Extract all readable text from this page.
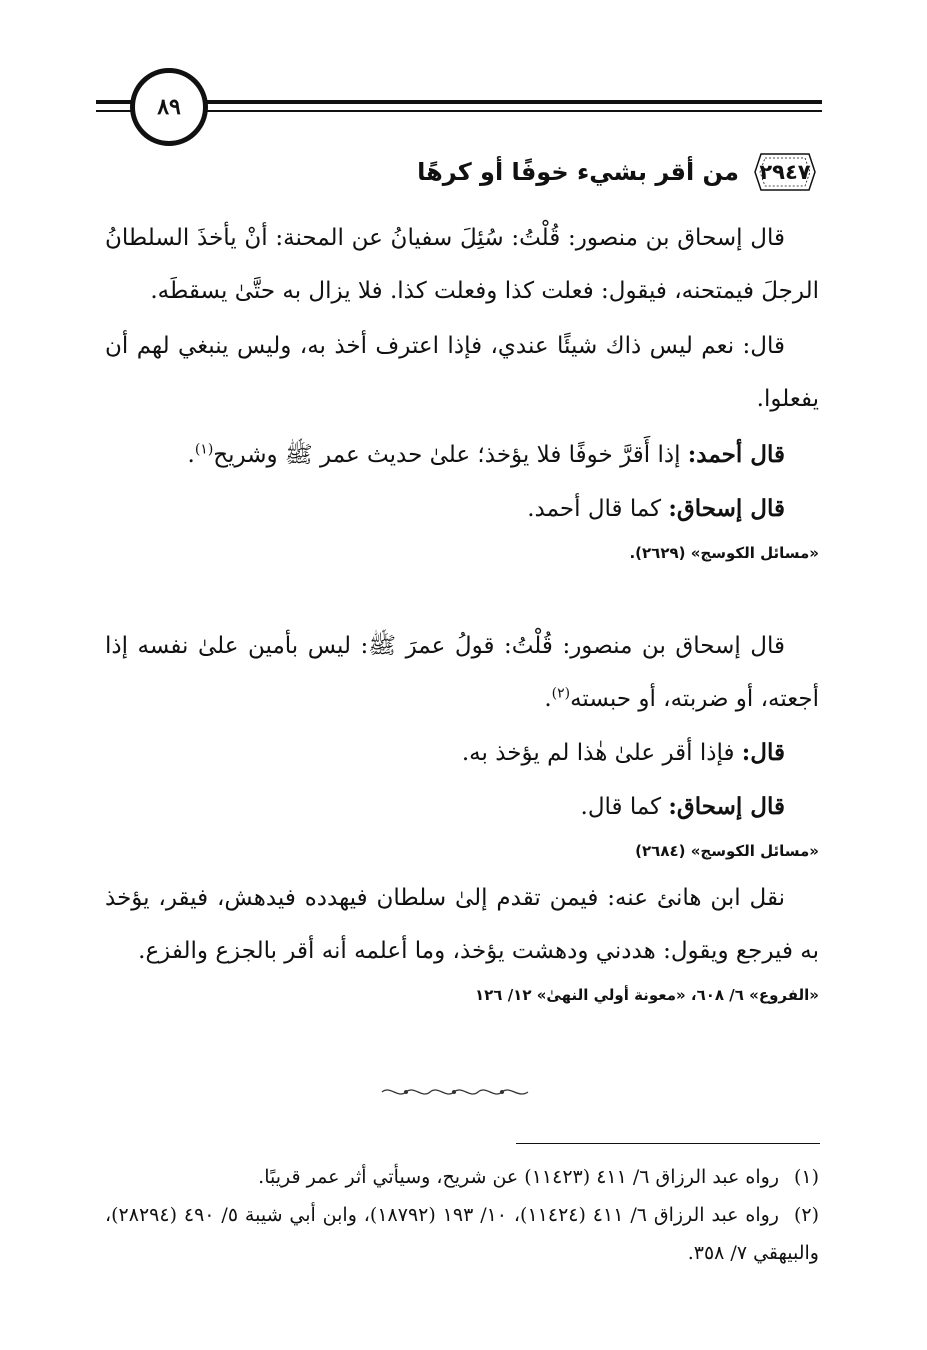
٨٩
٢٩٤٧
من أقر بشيء خوفًا أو كرهًا

قال إسحاق بن منصور: قُلْتُ: سُئِلَ سفيانُ عن المحنة: أنْ يأخذَ السلطانُ الرجلَ فيمتحنه، فيقول: فعلت كذا وفعلت كذا. فلا يزال به حتَّىٰ يسقطَه.

قال: نعم ليس ذاك شيئًا عندي، فإذا اعترف أخذ به، وليس ينبغي لهم أن يفعلوا.

قال أحمد: إذا أَقرَّ خوفًا فلا يؤخذ؛ علىٰ حديث عمر ﷺ وشريح$^{(١)}$.

قال إسحاق: كما قال أحمد.

«مسائل الكوسج» (٢٦٢٩).

قال إسحاق بن منصور: قُلْتُ: قولُ عمرَ ﷺ: ليس بأمين علىٰ نفسه إذا أجعته، أو ضربته، أو حبسته$^{(٢)}$.

قال: فإذا أقر علىٰ هٰذا لم يؤخذ به.

قال إسحاق: كما قال.

«مسائل الكوسج» (٢٦٨٤)

نقل ابن هانئ عنه: فيمن تقدم إلىٰ سلطان فيهدده فيدهش، فيقر، يؤخذ به فيرجع ويقول: هددني ودهشت يؤخذ، وما أعلمه أنه أقر بالجزع والفزع.

«الفروع» ٦/ ٦٠٨، «معونة أولي النهىٰ» ١٢/ ١٢٦

(١)رواه عبد الرزاق ٦/ ٤١١ (١١٤٢٣) عن شريح، وسيأتي أثر عمر قريبًا.

(٢)رواه عبد الرزاق ٦/ ٤١١ (١١٤٢٤)، ١٠/ ١٩٣ (١٨٧٩٢)، وابن أبي شيبة ٥/ ٤٩٠ (٢٨٢٩٤)، والبيهقي ٧/ ٣٥٨.
